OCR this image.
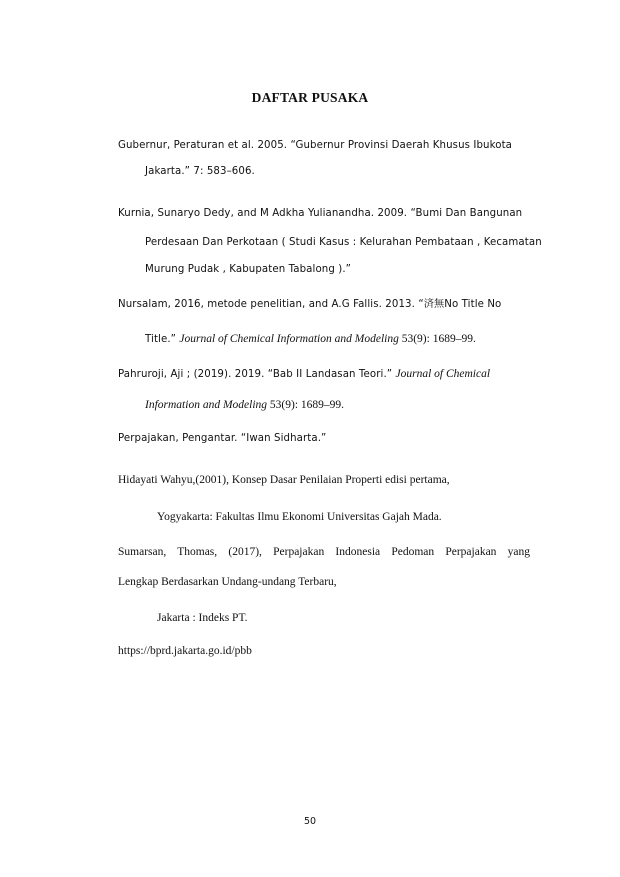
DAFTAR PUSAKA
Gubernur, Peraturan et al. 2005. “Gubernur Provinsi Daerah Khusus Ibukota
Jakarta.” 7: 583–606.
Kurnia, Sunaryo Dedy, and M Adkha Yulianandha. 2009. “Bumi Dan Bangunan
Perdesaan Dan Perkotaan ( Studi Kasus : Kelurahan Pembataan , Kecamatan
Murung Pudak , Kabupaten Tabalong ).”
Nursalam, 2016, metode penelitian, and A.G Fallis. 2013. “済無No Title No
Title.” Journal of Chemical Information and Modeling 53(9): 1689–99.
Pahruroji, Aji ; (2019). 2019. “Bab II Landasan Teori.” Journal of Chemical
Information and Modeling 53(9): 1689–99.
Perpajakan, Pengantar. “Iwan Sidharta.”
Hidayati Wahyu,(2001), Konsep Dasar Penilaian Properti edisi pertama,
Yogyakarta: Fakultas Ilmu Ekonomi Universitas Gajah Mada.
Sumarsan, Thomas, (2017), Perpajakan Indonesia Pedoman Perpajakan yang
Lengkap Berdasarkan Undang-undang Terbaru,
Jakarta : Indeks PT.
https://bprd.jakarta.go.id/pbb
50
